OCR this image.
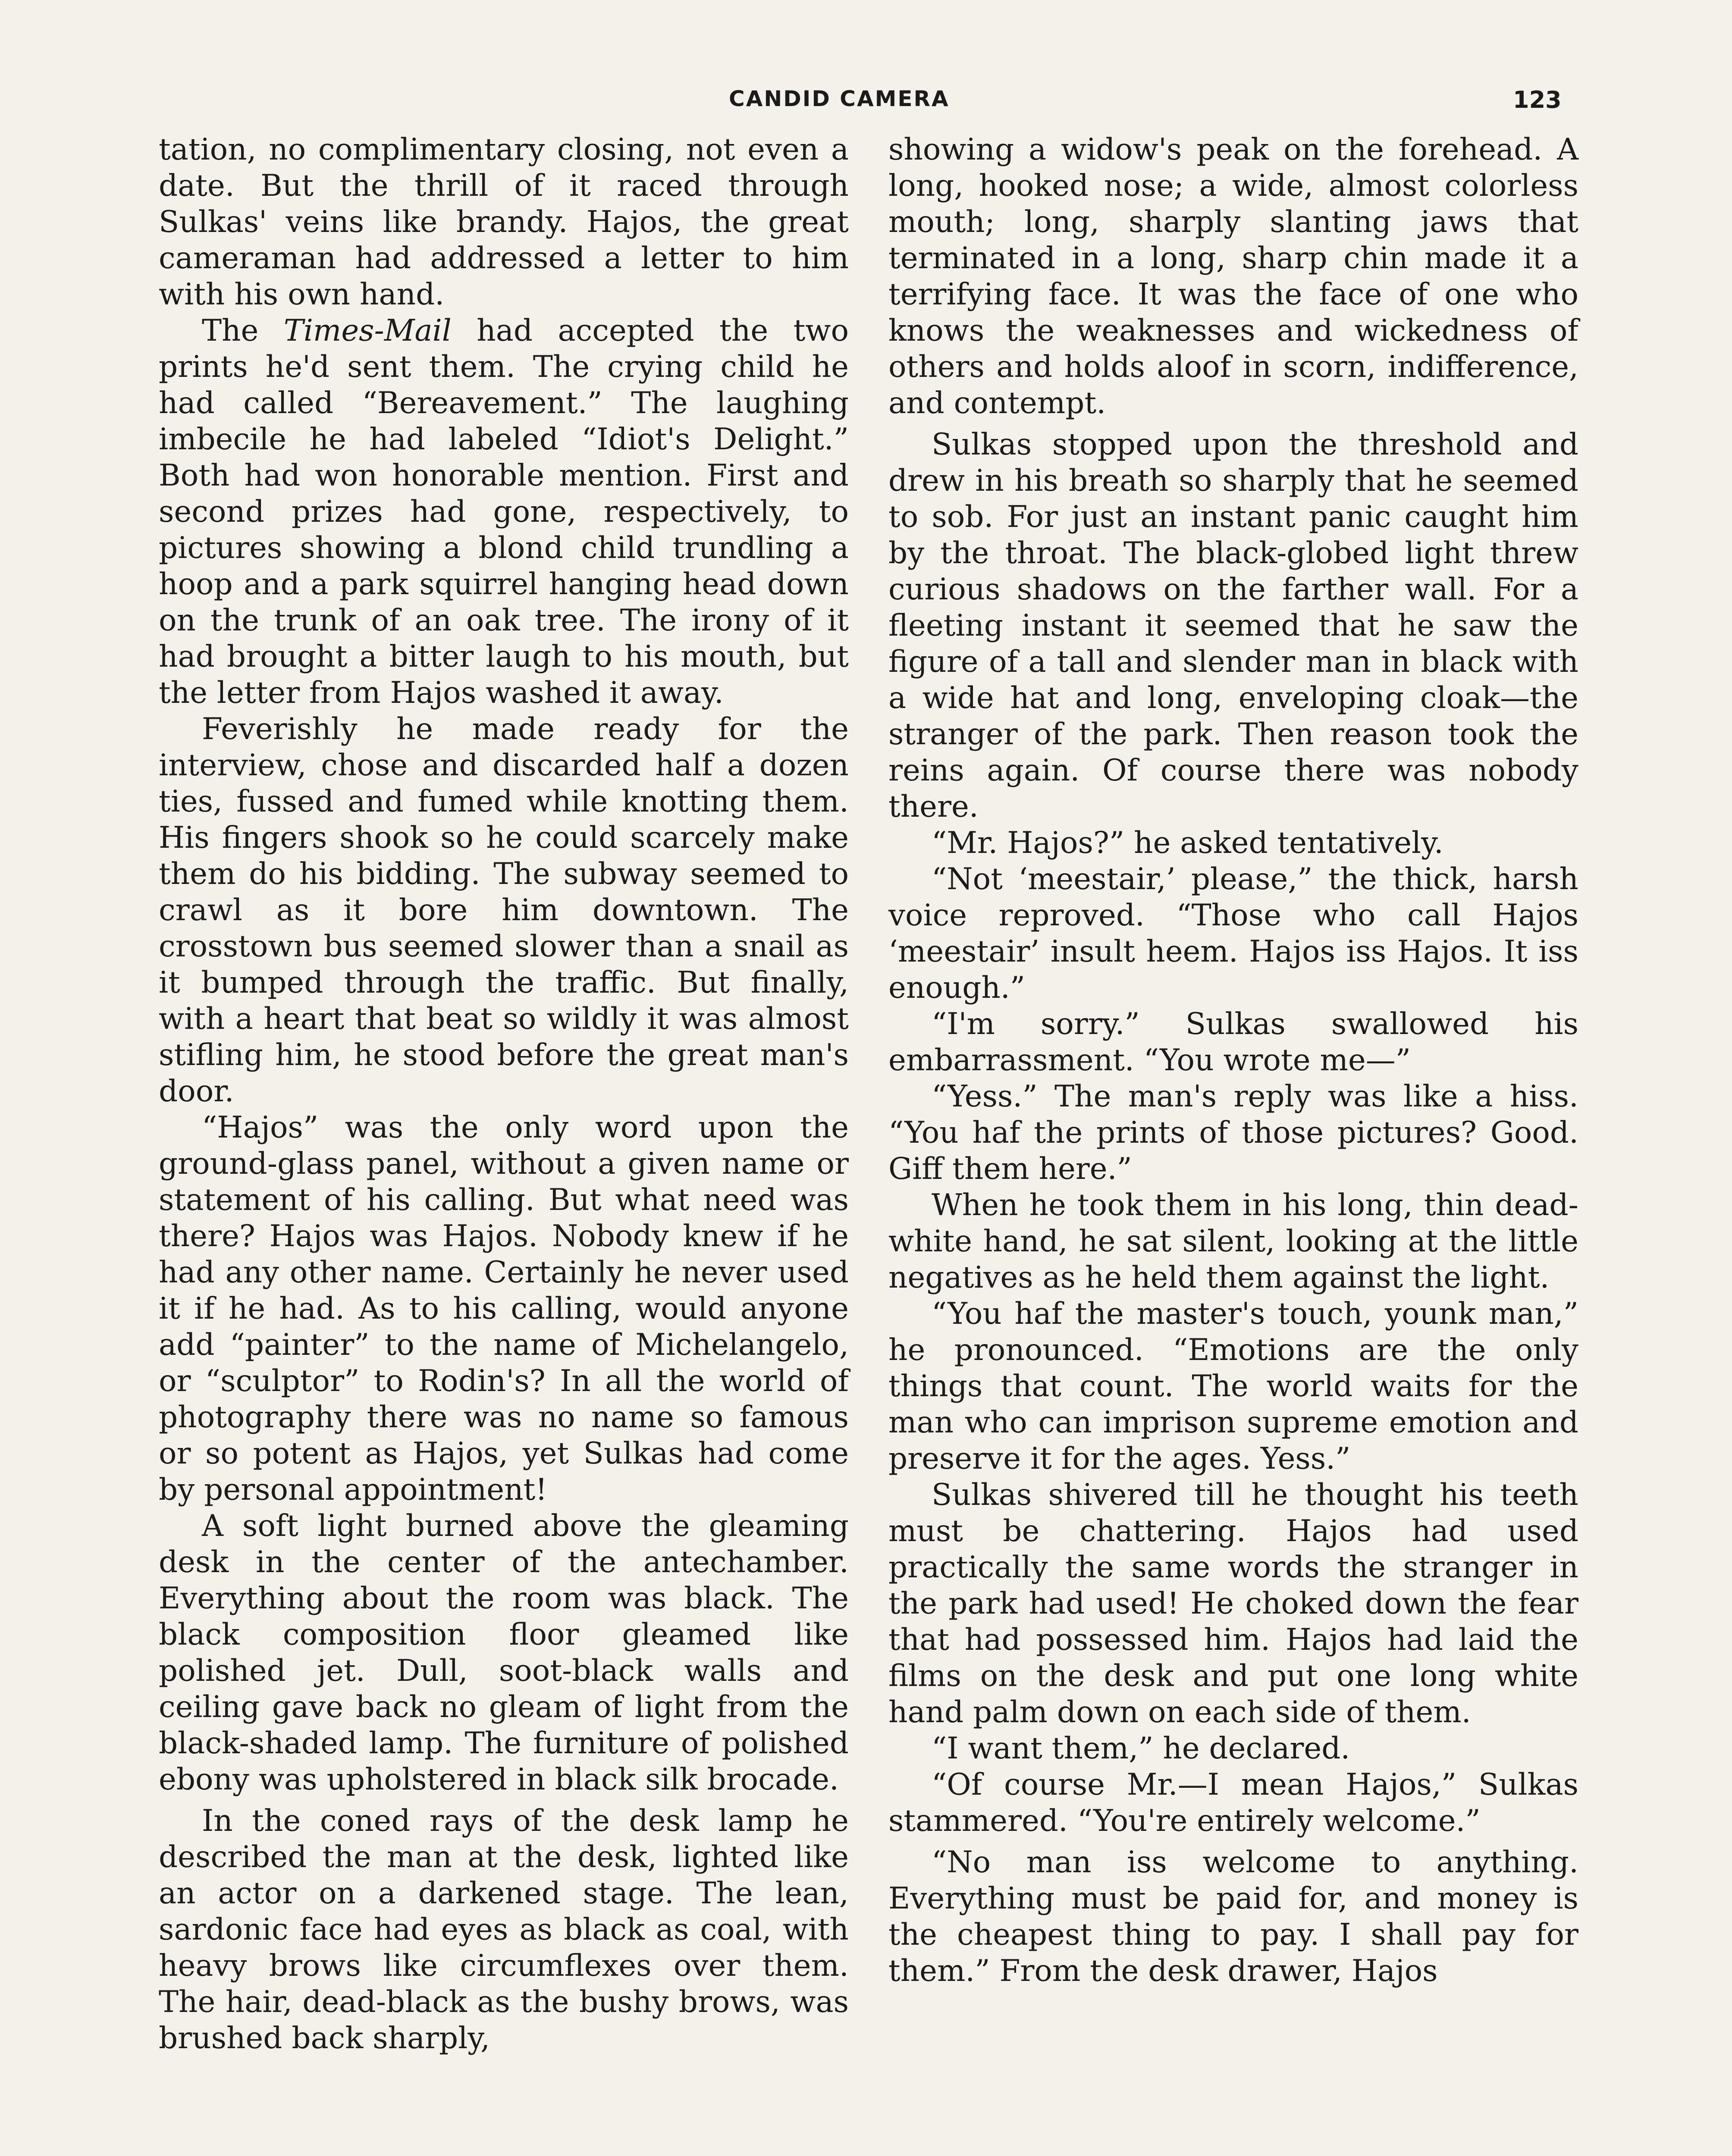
CANDID CAMERA	123

tation, no complimentary closing, not even a date. But the thrill of it raced through Sulkas' veins like brandy. Hajos, the great cameraman had addressed a letter to him with his own hand.

The Times-Mail had accepted the two prints he'd sent them. The crying child he had called “Bereavement.” The laughing imbecile he had labeled “Idiot's Delight.” Both had won honorable mention. First and second prizes had gone, respectively, to pictures showing a blond child trundling a hoop and a park squirrel hanging head down on the trunk of an oak tree. The irony of it had brought a bitter laugh to his mouth, but the letter from Hajos washed it away.

Feverishly he made ready for the interview, chose and discarded half a dozen ties, fussed and fumed while knotting them. His fingers shook so he could scarcely make them do his bidding. The subway seemed to crawl as it bore him downtown. The crosstown bus seemed slower than a snail as it bumped through the traffic. But finally, with a heart that beat so wildly it was almost stifling him, he stood before the great man's door.

“Hajos” was the only word upon the ground-glass panel, without a given name or statement of his calling. But what need was there? Hajos was Hajos. Nobody knew if he had any other name. Certainly he never used it if he had. As to his calling, would anyone add “painter” to the name of Michelangelo, or “sculptor” to Rodin's? In all the world of photography there was no name so famous or so potent as Hajos, yet Sulkas had come by personal appointment!

A soft light burned above the gleaming desk in the center of the antechamber. Everything about the room was black. The black composition floor gleamed like polished jet. Dull, soot-black walls and ceiling gave back no gleam of light from the black-shaded lamp. The furniture of polished ebony was upholstered in black silk brocade.

In the coned rays of the desk lamp he described the man at the desk, lighted like an actor on a darkened stage. The lean, sardonic face had eyes as black as coal, with heavy brows like circumflexes over them. The hair, dead-black as the bushy brows, was brushed back sharply,

showing a widow's peak on the forehead. A long, hooked nose; a wide, almost colorless mouth; long, sharply slanting jaws that terminated in a long, sharp chin made it a terrifying face. It was the face of one who knows the weaknesses and wickedness of others and holds aloof in scorn, indifference, and contempt.

Sulkas stopped upon the threshold and drew in his breath so sharply that he seemed to sob. For just an instant panic caught him by the throat. The black-globed light threw curious shadows on the farther wall. For a fleeting instant it seemed that he saw the figure of a tall and slender man in black with a wide hat and long, enveloping cloak—the stranger of the park. Then reason took the reins again. Of course there was nobody there.

“Mr. Hajos?” he asked tentatively.

“Not ‘meestair,’ please,” the thick, harsh voice reproved. “Those who call Hajos ‘meestair’ insult heem. Hajos iss Hajos. It iss enough.”

“I'm sorry.” Sulkas swallowed his embarrassment. “You wrote me—”

“Yess.” The man's reply was like a hiss. “You haf the prints of those pictures? Good. Giff them here.”

When he took them in his long, thin dead-white hand, he sat silent, looking at the little negatives as he held them against the light.

“You haf the master's touch, younk man,” he pronounced. “Emotions are the only things that count. The world waits for the man who can imprison supreme emotion and preserve it for the ages. Yess.”

Sulkas shivered till he thought his teeth must be chattering. Hajos had used practically the same words the stranger in the park had used! He choked down the fear that had possessed him. Hajos had laid the films on the desk and put one long white hand palm down on each side of them.

“I want them,” he declared.

“Of course Mr.—I mean Hajos,” Sulkas stammered. “You're entirely welcome.”

“No man iss welcome to anything. Everything must be paid for, and money is the cheapest thing to pay. I shall pay for them.” From the desk drawer, Hajos
